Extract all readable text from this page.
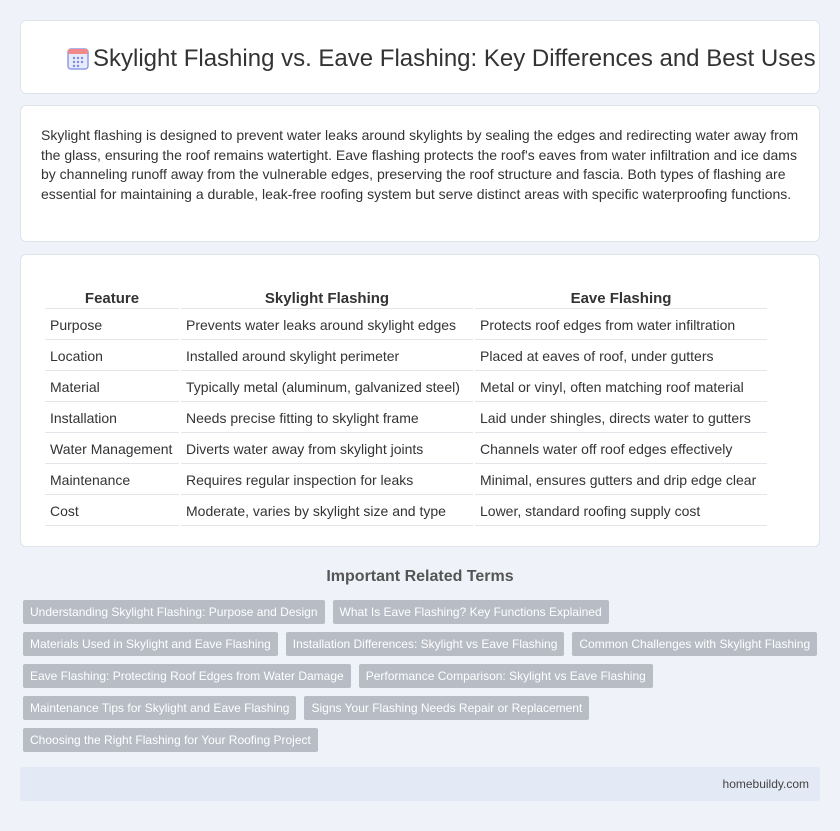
Skylight Flashing vs. Eave Flashing: Key Differences and Best Uses

Skylight flashing is designed to prevent water leaks around skylights by sealing the edges and redirecting water away from the glass, ensuring the roof remains watertight. Eave flashing protects the roof's eaves from water infiltration and ice dams by channeling runoff away from the vulnerable edges, preserving the roof structure and fascia. Both types of flashing are essential for maintaining a durable, leak-free roofing system but serve distinct areas with specific waterproofing functions.

Feature	Skylight Flashing	Eave Flashing
Purpose	Prevents water leaks around skylight edges	Protects roof edges from water infiltration
Location	Installed around skylight perimeter	Placed at eaves of roof, under gutters
Material	Typically metal (aluminum, galvanized steel)	Metal or vinyl, often matching roof material
Installation	Needs precise fitting to skylight frame	Laid under shingles, directs water to gutters
Water Management	Diverts water away from skylight joints	Channels water off roof edges effectively
Maintenance	Requires regular inspection for leaks	Minimal, ensures gutters and drip edge clear
Cost	Moderate, varies by skylight size and type	Lower, standard roofing supply cost
Important Related Terms
Understanding Skylight Flashing: Purpose and Design	What Is Eave Flashing? Key Functions Explained
Materials Used in Skylight and Eave Flashing	Installation Differences: Skylight vs Eave Flashing	Common Challenges with Skylight Flashing
Eave Flashing: Protecting Roof Edges from Water Damage	Performance Comparison: Skylight vs Eave Flashing
Maintenance Tips for Skylight and Eave Flashing	Signs Your Flashing Needs Repair or Replacement
Choosing the Right Flashing for Your Roofing Project
homebuildy.com
